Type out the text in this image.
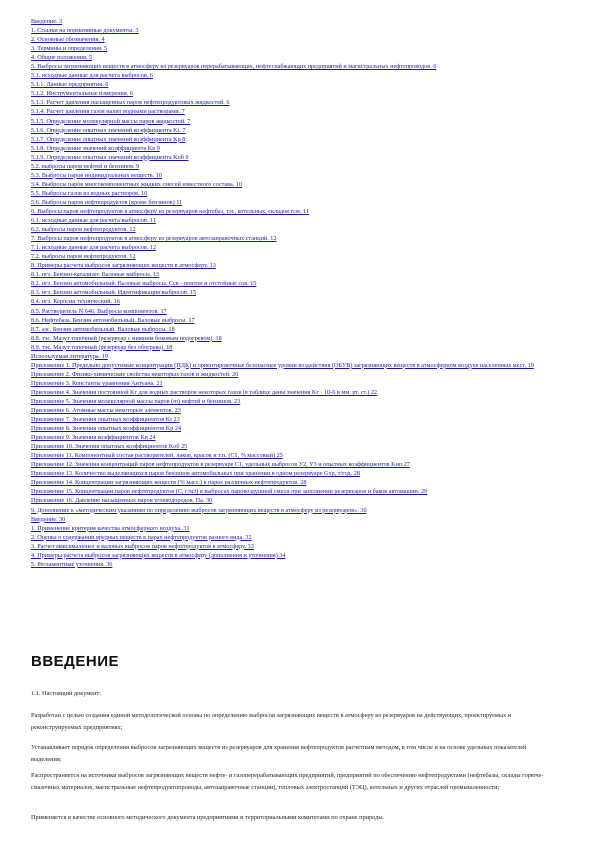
Введение. 3
1. Ссылки на нормативные документы. 3
2. Основные обозначения. 4
3. Термины и определения. 5
4. Общие положения. 5
5. Выбросы загрязняющих веществ в атмосферу из резервуаров перерабатывающих, нефтеснабжающих предприятий и магистральных нефтепроводов. 6
5.1. исходные данные для расчета выбросов. 6
5.1.1. Данные предприятия. 6
5.1.2. Инструментальные измерения. 6
5.1.3. Расчет давления насыщенных паров нефтепродуктовых жидкостей. 6
5.1.4. Расчет давления газов налит водными растворами. 7
5.1.5. Определение молекулярной массы паров жидкостей. 7
5.1.6. Определение опытных значений коэффициента Kt. 7
5.1.7. Определение опытных значений коэффициента Kp 8
5.1.8. Определение значений коэффициента Kв 9
5.1.9. Определение опытных значений коэффициента Kоб 9
5.2. выбросы паров нефтей и бензинов. 9
5.3. Выбросы паров индивидуальных веществ. 10
5.4. Выбросы паров многокомпонентных жидких смесей известного состава. 10
5.5. Выбросы газов из водных растворов. 10
5.6. Выбросы паров нефтепродуктов (кроме бензинов) 11
6. Выбросы паров нефтепродуктов в атмосферу из резервуаров нефтебаз, тэс, котельных, складов гсм. 11
6.1. исходные данные для расчета выбросов. 11
6.2. выбросы паров нефтепродуктов. 12
7. Выбросы паров нефтепродуктов в атмосферу из резервуаров автозаправочных станций. 12
7.1. исходные данные для расчета выбросов. 12
7.2. выбросы паров нефтепродуктов. 12
8. Примеры расчета выбросов загрязняющих веществ в атмосферу. 13
8.1. пгз. Бензин-катализат. Валовые выбросы. 13
8.2. нгз. Бензин автомобильный. Валовые выбросы. Ссв - понтон и отстойные сов. 15
8.3. нгз. Бензин автомобильный. Идентификация выбросов. 15
8.4. нгз. Керосин технический. 16
8.5. Растворитель N 646. Выбросы компонентов. 17
8.6. Нефтебаза. Бензин автомобильный. Валовые выбросы. 17
8.7. азс. Бензин автомобильный. Валовые выбросы. 18
8.8. тэс. Мазут топочный (резервуар с нижним боковым подогревом). 18
8.9. тэс. Мазут топочный (резервуар без обогрева). 18
Используемая литература. 19
Приложение 1. Предельно допустимые концентрации (ПДК) и ориентировочные безопасные уровни воздействия (ОБУВ) загрязняющих веществ в атмосферном воздухе населенных мест. 19
Приложение 2. Физико-химические свойства некоторых газов и жидкостей. 20
Приложение 3. Константы уравнения Антуана. 21
Приложение 4. Значения постоянной Kг для водных растворов некоторых газов (в таблице даны значения Kг · 10-6 в мм. рт. ст.) 22
Приложение 5. Значения молекулярной массы паров (m) нефтей и бензинов. 23
Приложение 6. Атомные массы некоторых элементов. 23
Приложение 7. Значения опытных коэффициентов Kt 23
Приложение 8. Значения опытных коэффициентов Kp 24
Приложение 9. Значения коэффициентов Kв 24
Приложение 10. Значения опытных коэффициентов Kоб 25
Приложение 11. Компонентный состав растворителей, лаков, красок и т.п. (С1, % массовый) 25
Приложение 12. Значения концентраций паров нефтепродуктов в резервуаре С1, удельных выбросов У2, У3 и опытных коэффициентов Kнп 27
Приложение 13. Количество выделяющихся паров бензинов автомобильных при хранении в одном резервуаре Gхр, т/год. 28
Приложение 14. Концентрации загрязняющих веществ (% масс.) в парах различных нефтепродуктов. 28
Приложение 15. Концентрации паров нефтепродуктов (С, г/м3) в выбросах паровоздушной смеси при заполнении резервуаров и баков автомашин. 29
Приложение 16. Давление насыщенных паров углеводородов, Па. 30
9. Дополнение к «методическим указаниям по определению выбросов загрязняющих веществ в атмосферу из резервуаров». 30
Введение. 30
1. Применение критерия качества атмосферного воздуха. 31
2. Оценка о содержании вредных веществ в парах нефтепродуктов разного вида. 32
3. Расчет максимальных и валовых выбросов паров нефтепродуктов в атмосферу. 33
4. Примеры расчета выбросов загрязняющих веществ в атмосферу (дополнения и уточнения) 34
5. Регламентные уточнения. 36
ВВЕДЕНИЕ

1.1. Настоящий документ:

Разработан с целью создания единой методологической основы по определению выбросов загрязняющих веществ в атмосферу из резервуаров на действующих, проектируемых и реконструируемых предприятиях;

Устанавливает порядок определения выбросов загрязняющих веществ из резервуаров для хранения нефтепродуктов расчетным методом, в том числе и на основе удельных показателей выделения;

Распространяется на источники выбросов загрязняющих веществ нефте- и газоперерабатывающих предприятий, предприятий по обеспечению нефтепродуктами (нефтебазы, склады горюче-смазочных материалов, магистральные нефтепродуктопроводы, автозаправочные станции), тепловых электростанций (ТЭЦ), котельных и других отраслей промышленности;

Применяется в качестве основного методического документа предприятиями и территориальными комитетами по охране природы.
